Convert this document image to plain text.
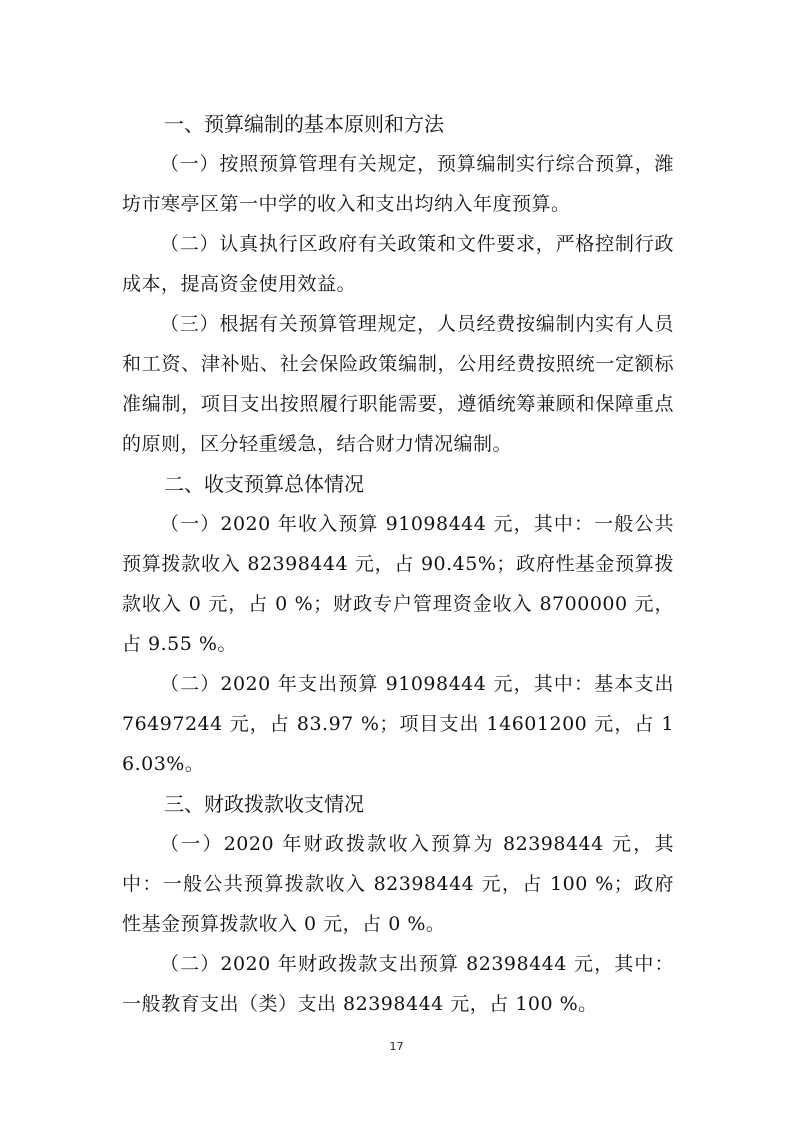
一、预算编制的基本原则和方法

（一）按照预算管理有关规定，预算编制实行综合预算，潍坊市寒亭区第一中学的收入和支出均纳入年度预算。

（二）认真执行区政府有关政策和文件要求，严格控制行政成本，提高资金使用效益。

（三）根据有关预算管理规定，人员经费按编制内实有人员和工资、津补贴、社会保险政策编制，公用经费按照统一定额标准编制，项目支出按照履行职能需要，遵循统筹兼顾和保障重点的原则，区分轻重缓急，结合财力情况编制。

二、收支预算总体情况

（一）2020 年收入预算 91098444 元，其中：一般公共预算拨款收入 82398444 元，占 90.45%；政府性基金预算拨款收入 0 元，占 0 %；财政专户管理资金收入 8700000 元，占 9.55 %。

（二）2020 年支出预算 91098444 元，其中：基本支出 76497244 元，占 83.97 %；项目支出 14601200 元，占 16.03%。

三、财政拨款收支情况

（一）2020 年财政拨款收入预算为 82398444 元，其中：一般公共预算拨款收入 82398444 元，占 100 %；政府性基金预算拨款收入 0 元，占 0 %。

（二）2020 年财政拨款支出预算 82398444 元，其中：一般教育支出（类）支出 82398444 元，占 100 %。

17
